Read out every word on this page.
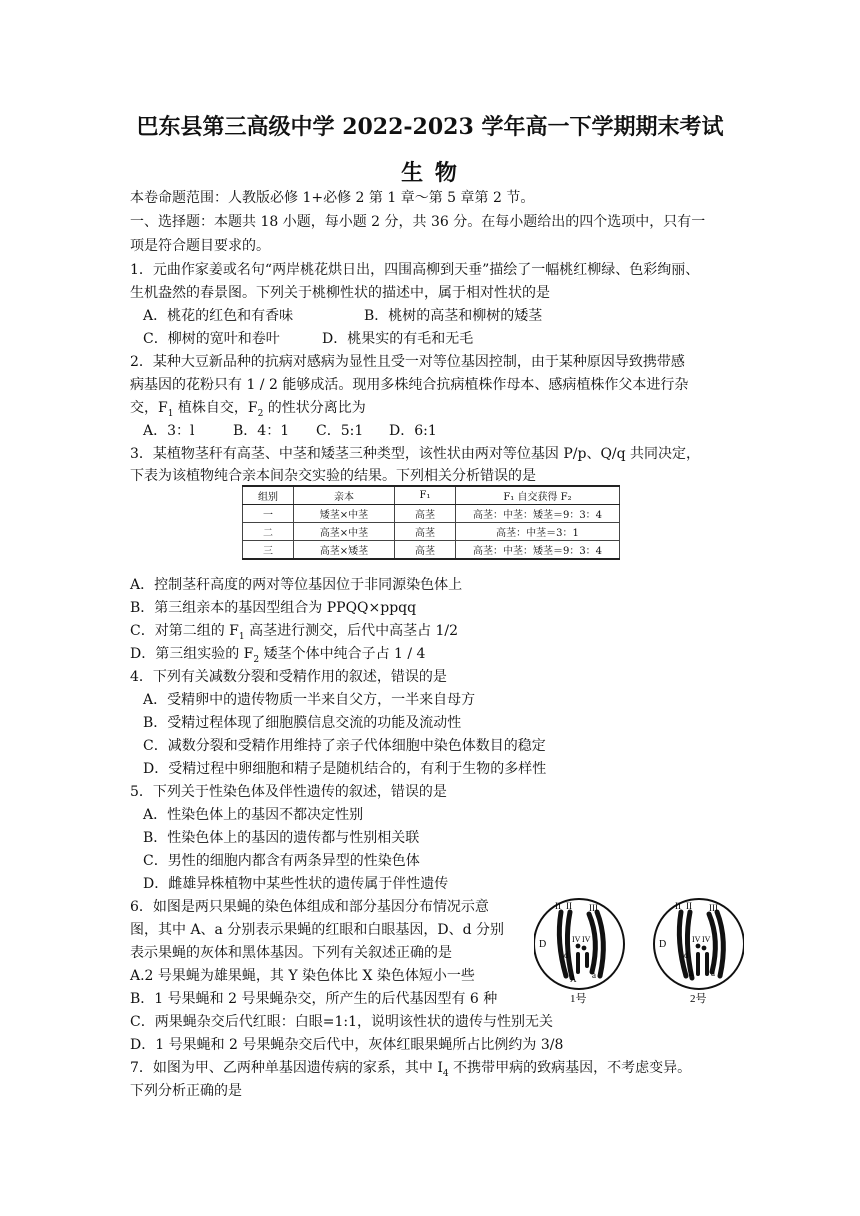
巴东县第三高级中学 2022-2023 学年高一下学期期末考试
生 物
本卷命题范围：人教版必修 1+必修 2 第 1 章～第 5 章第 2 节。
一、选择题：本题共 18 小题，每小题 2 分，共 36 分。在每小题给出的四个选项中，只有一
项是符合题目要求的。
1．元曲作家姜或名句“两岸桃花烘日出，四围高柳到天垂”描绘了一幅桃红柳绿、色彩绚丽、
生机盎然的春景图。下列关于桃柳性状的描述中，属于相对性状的是
A．桃花的红色和有香味	B．桃树的高茎和柳树的矮茎
C．柳树的宽叶和卷叶	D．桃果实的有毛和无毛
2．某种大豆新品种的抗病对感病为显性且受一对等位基因控制，由于某种原因导致携带感
病基因的花粉只有 1 / 2 能够成活。现用多株纯合抗病植株作母本、感病植株作父本进行杂
交，$F_1$ 植株自交，$F_2$ 的性状分离比为
A．3：l	B．4：1 C．5:1 D．6:1
3．某植物茎秆有高茎、中茎和矮茎三种类型，该性状由两对等位基因 P/p、Q/q 共同决定，
下表为该植物纯合亲本间杂交实验的结果。下列相关分析错误的是
组别	亲本	F₁	F₁ 自交获得 F₂
一	矮茎×中茎	高茎	高茎：中茎：矮茎＝9：3：4
二	高茎×中茎	高茎	高茎：中茎＝3：1
三	高茎×矮茎	高茎	高茎：中茎：矮茎＝9：3：4
A．控制茎秆高度的两对等位基因位于非同源染色体上
B．第三组亲本的基因型组合为 PPQQ×ppqq
C．对第二组的 $F_1$ 高茎进行测交，后代中高茎占 1/2
D．第三组实验的 $F_2$ 矮茎个体中纯合子占 1 / 4
4．下列有关减数分裂和受精作用的叙述，错误的是
A．受精卵中的遗传物质一半来自父方，一半来自母方
B．受精过程体现了细胞膜信息交流的功能及流动性
C．减数分裂和受精作用维持了亲子代体细胞中染色体数目的稳定
D．受精过程中卵细胞和精子是随机结合的，有利于生物的多样性
5．下列关于性染色体及伴性遗传的叙述，错误的是
A．性染色体上的基因不都决定性别
B．性染色体上的基因的遗传都与性别相关联
C．男性的细胞内都含有两条异型的性染色体
D．雌雄异株植物中某些性状的遗传属于伴性遗传
6．如图是两只果蝇的染色体组成和部分基因分布情况示意
图，其中 A、a 分别表示果蝇的红眼和白眼基因，D、d 分别
表示果蝇的灰体和黑体基因。下列有关叙述正确的是
A.2 号果蝇为雄果蝇，其 Y 染色体比 X 染色体短小一些
B．1 号果蝇和 2 号果蝇杂交，所产生的后代基因型有 6 种
C．两果蝇杂交后代红眼：白眼=1:1，说明该性状的遗传与性别无关
D．1 号果蝇和 2 号果蝇杂交后代中，灰体红眼果蝇所占比例约为 3/8
II II III
IV IV
D
d
A a
1号
II II III
IV IV
D
d
a a
2号
7．如图为甲、乙两种单基因遗传病的家系，其中 $I_4$ 不携带甲病的致病基因，不考虑变异。
下列分析正确的是
